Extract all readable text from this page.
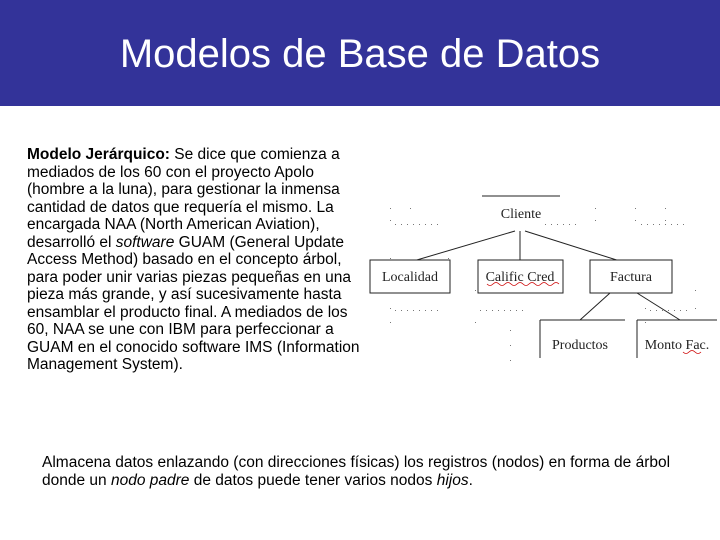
Modelos de Base de Datos
Modelo Jerárquico: Se dice que comienza a mediados de los 60 con el proyecto Apolo (hombre a la luna), para gestionar la inmensa cantidad de datos que requería el mismo. La encargada NAA (North American Aviation), desarrolló el software GUAM (General Update Access Method) basado en el concepto árbol, para poder unir varias piezas pequeñas en una pieza más grande, y así sucesivamente hasta ensamblar el producto final. A mediados de los 60, NAA se une con IBM para perfeccionar a GUAM en el conocido software IMS (Information Management System).
Cliente
Localidad	Calific Cred	Factura
Productos	Monto Fac.
Almacena datos enlazando (con direcciones físicas) los registros (nodos) en forma de árbol donde un nodo padre de datos puede tener varios nodos hijos.
